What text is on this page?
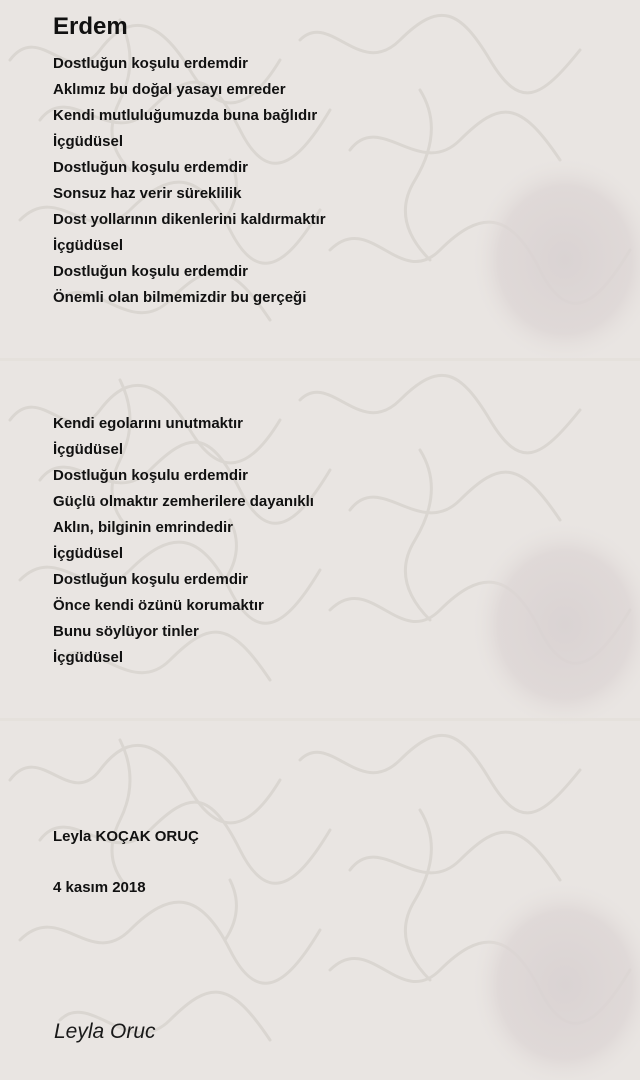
Erdem
Dostluğun koşulu erdemdir
Aklımız bu doğal yasayı emreder
Kendi mutluluğumuzda buna bağlıdır
İçgüdüsel
Dostluğun koşulu erdemdir
Sonsuz haz verir süreklilik
Dost yollarının dikenlerini kaldırmaktır
İçgüdüsel
Dostluğun koşulu erdemdir
Önemli olan bilmemizdir bu gerçeği
Kendi egolarını unutmaktır
İçgüdüsel
Dostluğun koşulu erdemdir
Güçlü olmaktır zemherilere dayanıklı
Aklın, bilginin emrindedir
İçgüdüsel
Dostluğun koşulu erdemdir
Önce kendi özünü korumaktır
Bunu söylüyor tinler
İçgüdüsel
Leyla KOÇAK ORUÇ
4 kasım 2018
Leyla Oruc
